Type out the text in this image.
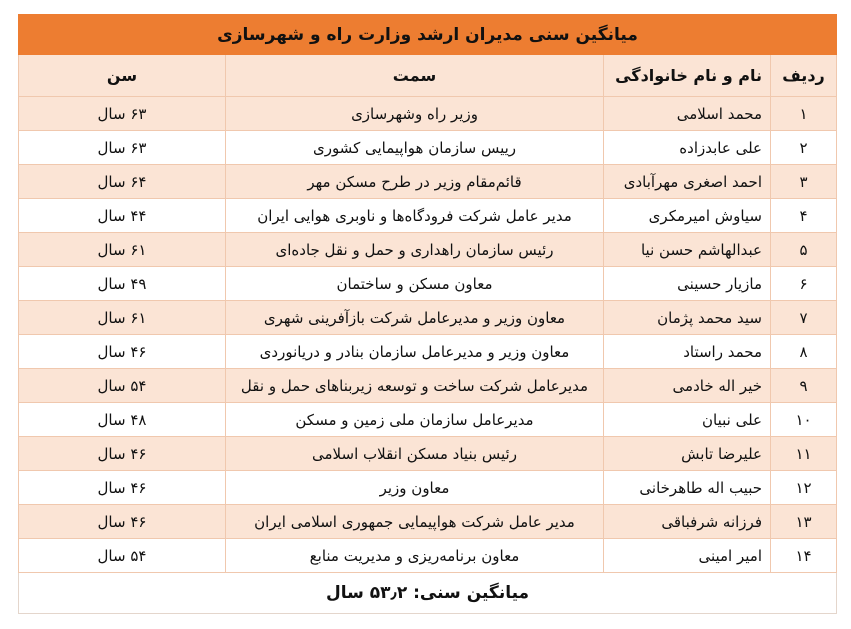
میانگین سنی مدیران ارشد وزارت راه و شهرسازی			
ردیف	نام و نام خانوادگی	سمت	سن
۱	محمد اسلامی	وزیر راه وشهرسازی	۶۳ سال
۲	علی عابدزاده	رییس سازمان هواپیمایی کشوری	۶۳ سال
۳	احمد اصغری مهرآبادی	قائم‌مقام وزیر در طرح مسکن مهر	۶۴ سال
۴	سیاوش امیرمکری	مدیر عامل شرکت فرودگاه‌ها و ناوبری هوایی ایران	۴۴ سال
۵	عبدالهاشم حسن نیا	رئیس سازمان راهداری و حمل و نقل جاده‌ای	۶۱ سال
۶	مازیار حسینی	معاون مسکن و ساختمان	۴۹ سال
۷	سید محمد پژمان	معاون وزیر و مدیرعامل شرکت بازآفرینی شهری	۶۱ سال
۸	محمد راستاد	معاون وزیر و مدیرعامل سازمان بنادر و دریانوردی	۴۶ سال
۹	خیر اله خادمی	مدیرعامل شرکت ساخت و توسعه زیربناهای حمل و نقل	۵۴ سال
۱۰	علی نبیان	مدیرعامل سازمان ملی زمین و مسکن	۴۸ سال
۱۱	علیرضا تابش	رئیس بنیاد مسکن انقلاب اسلامی	۴۶ سال
۱۲	حبیب اله طاهرخانی	معاون وزیر	۴۶ سال
۱۳	فرزانه شرفباقی	مدیر عامل شرکت هواپیمایی جمهوری اسلامی ایران	۴۶ سال
۱۴	امیر امینی	معاون برنامه‌ریزی و مدیریت منابع	۵۴ سال
میانگین سنی: ۵۳٫۲ سال			
